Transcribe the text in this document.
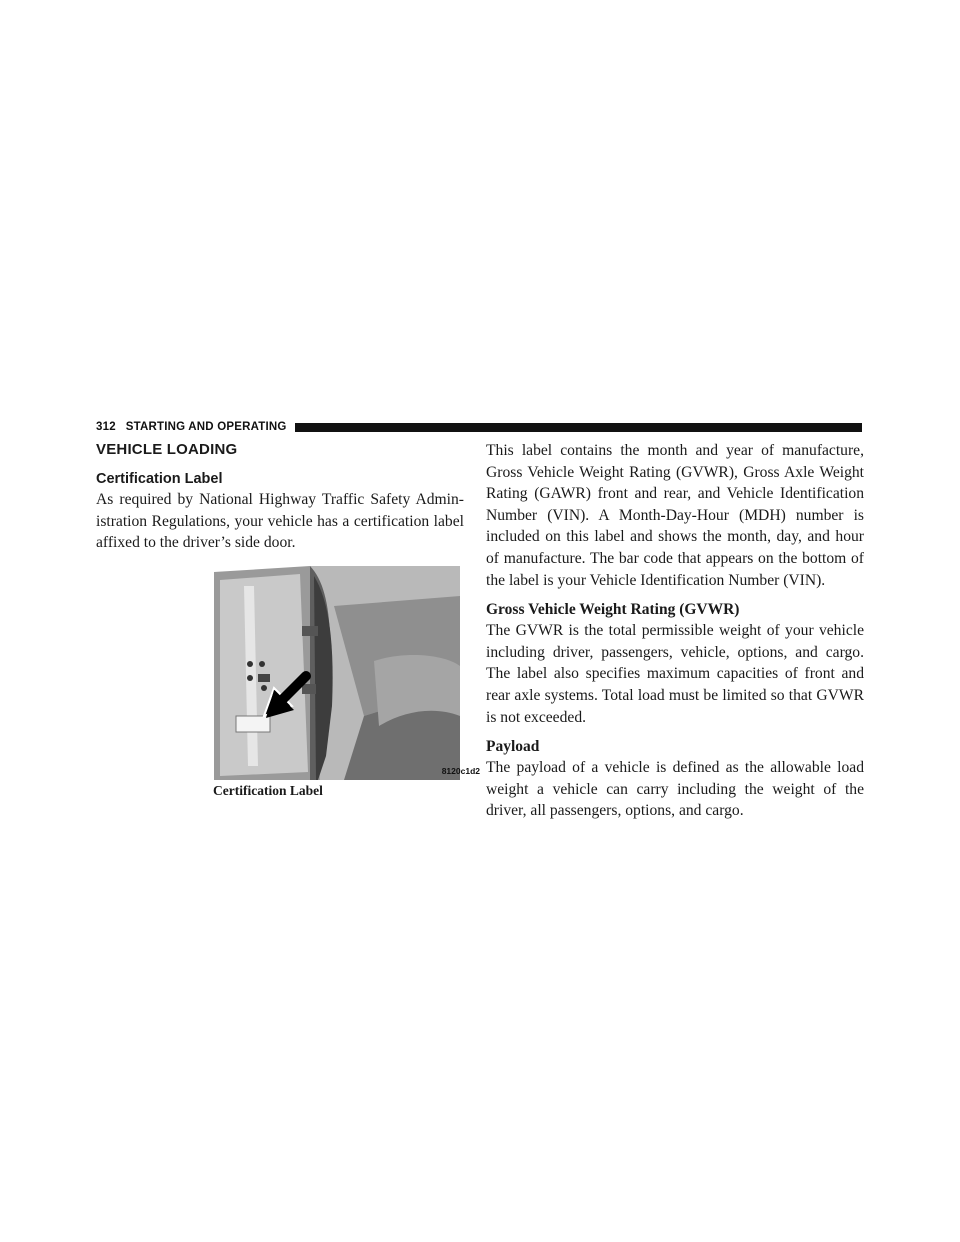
312 STARTING AND OPERATING
VEHICLE LOADING
Certification Label

As required by National Highway Traffic Safety Admin-istration Regulations, your vehicle has a certification label affixed to the driver’s side door.

8120c1d2
Certification Label

This label contains the month and year of manufacture, Gross Vehicle Weight Rating (GVWR), Gross Axle Weight Rating (GAWR) front and rear, and Vehicle Identification Number (VIN). A Month-Day-Hour (MDH) number is included on this label and shows the month, day, and hour of manufacture. The bar code that appears on the bottom of the label is your Vehicle Identification Number (VIN).

Gross Vehicle Weight Rating (GVWR)

The GVWR is the total permissible weight of your vehicle including driver, passengers, vehicle, options, and cargo. The label also specifies maximum capacities of front and rear axle systems. Total load must be limited so that GVWR is not exceeded.

Payload

The payload of a vehicle is defined as the allowable load weight a vehicle can carry including the weight of the driver, all passengers, options, and cargo.
